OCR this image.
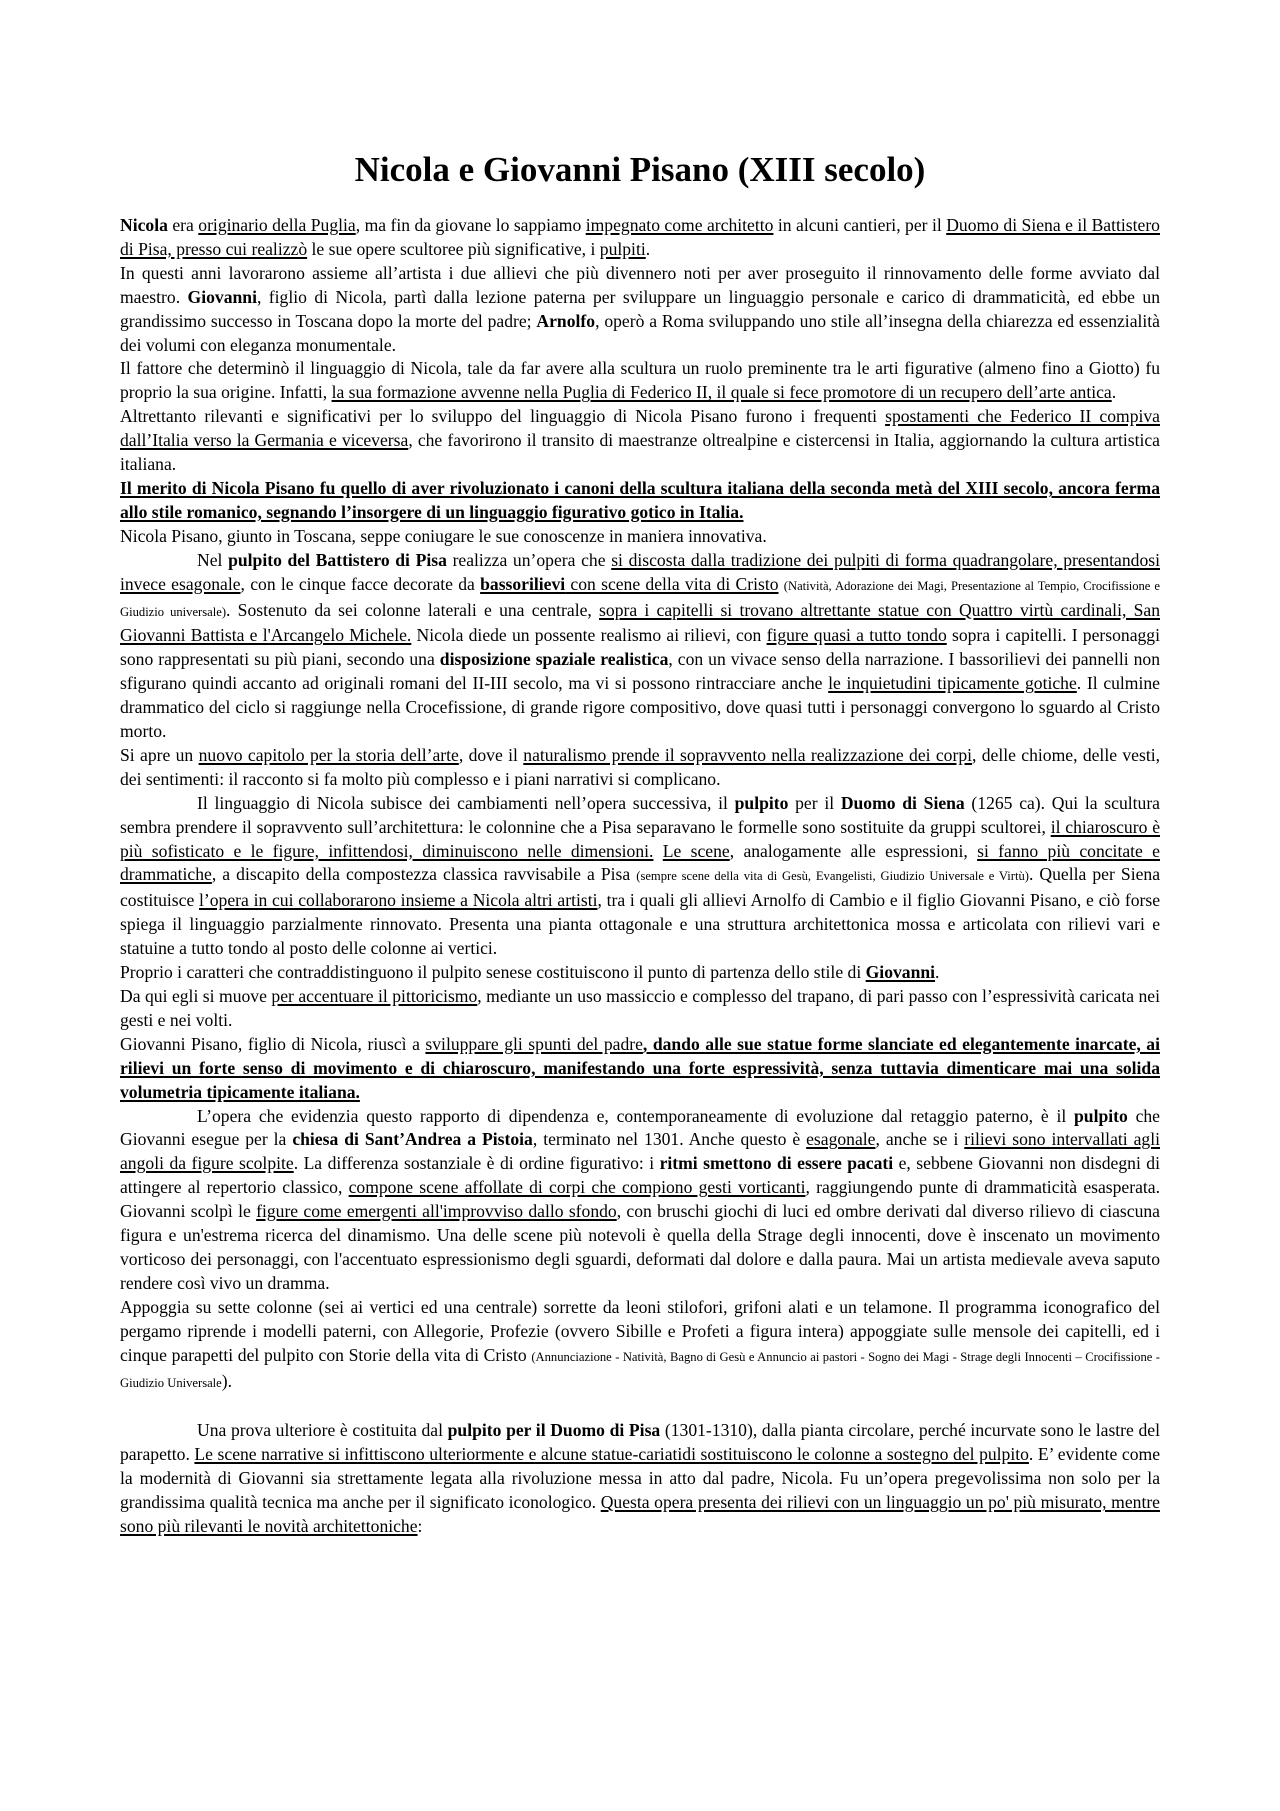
Nicola e Giovanni Pisano (XIII secolo)

Nicola era originario della Puglia, ma fin da giovane lo sappiamo impegnato come architetto in alcuni cantieri, per il Duomo di Siena e il Battistero di Pisa, presso cui realizzò le sue opere scultoree più significative, i pulpiti.

In questi anni lavorarono assieme all’artista i due allievi che più divennero noti per aver proseguito il rinnovamento delle forme avviato dal maestro. Giovanni, figlio di Nicola, partì dalla lezione paterna per sviluppare un linguaggio personale e carico di drammaticità, ed ebbe un grandissimo successo in Toscana dopo la morte del padre; Arnolfo, operò a Roma sviluppando uno stile all’insegna della chiarezza ed essenzialità dei volumi con eleganza monumentale.

Il fattore che determinò il linguaggio di Nicola, tale da far avere alla scultura un ruolo preminente tra le arti figurative (almeno fino a Giotto) fu proprio la sua origine. Infatti, la sua formazione avvenne nella Puglia di Federico II, il quale si fece promotore di un recupero dell’arte antica.

Altrettanto rilevanti e significativi per lo sviluppo del linguaggio di Nicola Pisano furono i frequenti spostamenti che Federico II compiva dall’Italia verso la Germania e viceversa, che favorirono il transito di maestranze oltrealpine e cistercensi in Italia, aggiornando la cultura artistica italiana.

Il merito di Nicola Pisano fu quello di aver rivoluzionato i canoni della scultura italiana della seconda metà del XIII secolo, ancora ferma allo stile romanico, segnando l’insorgere di un linguaggio figurativo gotico in Italia.

Nicola Pisano, giunto in Toscana, seppe coniugare le sue conoscenze in maniera innovativa.

Nel pulpito del Battistero di Pisa realizza un’opera che si discosta dalla tradizione dei pulpiti di forma quadrangolare, presentandosi invece esagonale, con le cinque facce decorate da bassorilievi con scene della vita di Cristo (Natività, Adorazione dei Magi, Presentazione al Tempio, Crocifissione e Giudizio universale). Sostenuto da sei colonne laterali e una centrale, sopra i capitelli si trovano altrettante statue con Quattro virtù cardinali, San Giovanni Battista e l'Arcangelo Michele. Nicola diede un possente realismo ai rilievi, con figure quasi a tutto tondo sopra i capitelli. I personaggi sono rappresentati su più piani, secondo una disposizione spaziale realistica, con un vivace senso della narrazione. I bassorilievi dei pannelli non sfigurano quindi accanto ad originali romani del II-III secolo, ma vi si possono rintracciare anche le inquietudini tipicamente gotiche. Il culmine drammatico del ciclo si raggiunge nella Crocefissione, di grande rigore compositivo, dove quasi tutti i personaggi convergono lo sguardo al Cristo morto.

Si apre un nuovo capitolo per la storia dell’arte, dove il naturalismo prende il sopravvento nella realizzazione dei corpi, delle chiome, delle vesti, dei sentimenti: il racconto si fa molto più complesso e i piani narrativi si complicano.

Il linguaggio di Nicola subisce dei cambiamenti nell’opera successiva, il pulpito per il Duomo di Siena (1265 ca). Qui la scultura sembra prendere il sopravvento sull’architettura: le colonnine che a Pisa separavano le formelle sono sostituite da gruppi scultorei, il chiaroscuro è più sofisticato e le figure, infittendosi, diminuiscono nelle dimensioni. Le scene, analogamente alle espressioni, si fanno più concitate e drammatiche, a discapito della compostezza classica ravvisabile a Pisa (sempre scene della vita di Gesù, Evangelisti, Giudizio Universale e Virtù). Quella per Siena costituisce l’opera in cui collaborarono insieme a Nicola altri artisti, tra i quali gli allievi Arnolfo di Cambio e il figlio Giovanni Pisano, e ciò forse spiega il linguaggio parzialmente rinnovato. Presenta una pianta ottagonale e una struttura architettonica mossa e articolata con rilievi vari e statuine a tutto tondo al posto delle colonne ai vertici.

Proprio i caratteri che contraddistinguono il pulpito senese costituiscono il punto di partenza dello stile di Giovanni.

Da qui egli si muove per accentuare il pittoricismo, mediante un uso massiccio e complesso del trapano, di pari passo con l’espressività caricata nei gesti e nei volti.

Giovanni Pisano, figlio di Nicola, riuscì a sviluppare gli spunti del padre, dando alle sue statue forme slanciate ed elegantemente inarcate, ai rilievi un forte senso di movimento e di chiaroscuro, manifestando una forte espressività, senza tuttavia dimenticare mai una solida volumetria tipicamente italiana.

L’opera che evidenzia questo rapporto di dipendenza e, contemporaneamente di evoluzione dal retaggio paterno, è il pulpito che Giovanni esegue per la chiesa di Sant’Andrea a Pistoia, terminato nel 1301. Anche questo è esagonale, anche se i rilievi sono intervallati agli angoli da figure scolpite. La differenza sostanziale è di ordine figurativo: i ritmi smettono di essere pacati e, sebbene Giovanni non disdegni di attingere al repertorio classico, compone scene affollate di corpi che compiono gesti vorticanti, raggiungendo punte di drammaticità esasperata. Giovanni scolpì le figure come emergenti all'improvviso dallo sfondo, con bruschi giochi di luci ed ombre derivati dal diverso rilievo di ciascuna figura e un'estrema ricerca del dinamismo. Una delle scene più notevoli è quella della Strage degli innocenti, dove è inscenato un movimento vorticoso dei personaggi, con l'accentuato espressionismo degli sguardi, deformati dal dolore e dalla paura. Mai un artista medievale aveva saputo rendere così vivo un dramma.

Appoggia su sette colonne (sei ai vertici ed una centrale) sorrette da leoni stilofori, grifoni alati e un telamone. Il programma iconografico del pergamo riprende i modelli paterni, con Allegorie, Profezie (ovvero Sibille e Profeti a figura intera) appoggiate sulle mensole dei capitelli, ed i cinque parapetti del pulpito con Storie della vita di Cristo (Annunciazione - Natività, Bagno di Gesù e Annuncio ai pastori - Sogno dei Magi - Strage degli Innocenti – Crocifissione - Giudizio Universale).

Una prova ulteriore è costituita dal pulpito per il Duomo di Pisa (1301-1310), dalla pianta circolare, perché incurvate sono le lastre del parapetto. Le scene narrative si infittiscono ulteriormente e alcune statue-cariatidi sostituiscono le colonne a sostegno del pulpito. E’ evidente come la modernità di Giovanni sia strettamente legata alla rivoluzione messa in atto dal padre, Nicola. Fu un’opera pregevolissima non solo per la grandissima qualità tecnica ma anche per il significato iconologico. Questa opera presenta dei rilievi con un linguaggio un po' più misurato, mentre sono più rilevanti le novità architettoniche:
